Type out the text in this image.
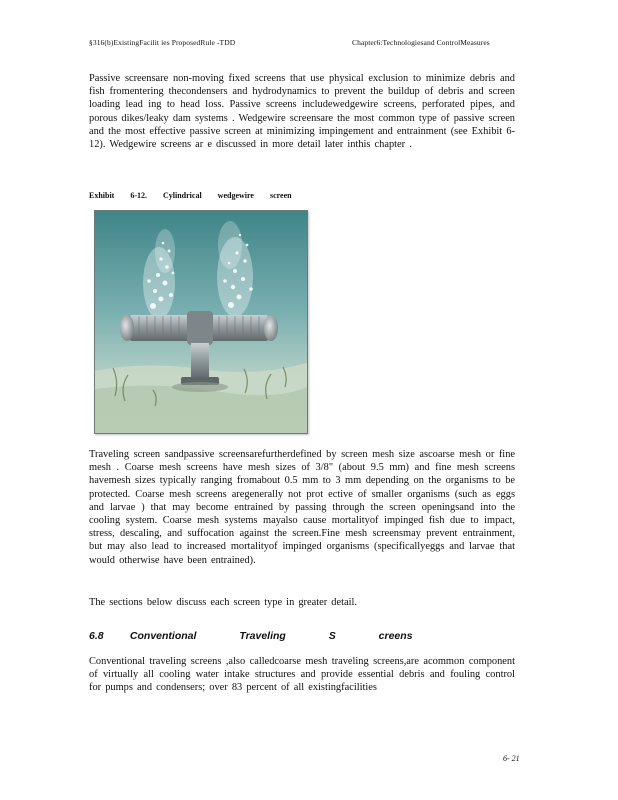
§316(b)ExistingFacilit ies ProposedRule -TDD	Chapter6:Technologiesand ControlMeasures

Passive screensare non-moving fixed screens that use physical exclusion to minimize debris and fish fromentering thecondensers and hydrodynamics to prevent the buildup of debris and screen loading lead ing to head loss. Passive screens includewedgewire screens, perforated pipes, and porous dikes/leaky dam systems . Wedgewire screensare the most common type of passive screen and the most effective passive screen at minimizing impingement and entrainment (see Exhibit 6-12). Wedgewire screens ar e discussed in more detail later inthis chapter .

Exhibit 6-12. Cylindrical wedgewire screen

Traveling screen sandpassive screensarefurtherdefined by screen mesh size ascoarse mesh or fine mesh . Coarse mesh screens have mesh sizes of 3/8" (about 9.5 mm) and fine mesh screens havemesh sizes typically ranging fromabout 0.5 mm to 3 mm depending on the organisms to be protected. Coarse mesh screens aregenerally not prot ective of smaller organisms (such as eggs and larvae ) that may become entrained by passing through the screen openingsand into the cooling system. Coarse mesh systems mayalso cause mortalityof impinged fish due to impact, stress, descaling, and suffocation against the screen.Fine mesh screensmay prevent entrainment, but may also lead to increased mortalityof impinged organisms (specificallyeggs and larvae that would otherwise have been entrained).

The sections below discuss each screen type in greater detail.

6.8	Conventional Traveling S creens

Conventional traveling screens ,also calledcoarse mesh traveling screens,are acommon component of virtually all cooling water intake structures and provide essential debris and fouling control for pumps and condensers; over 83 percent of all existingfacilities

6- 21
